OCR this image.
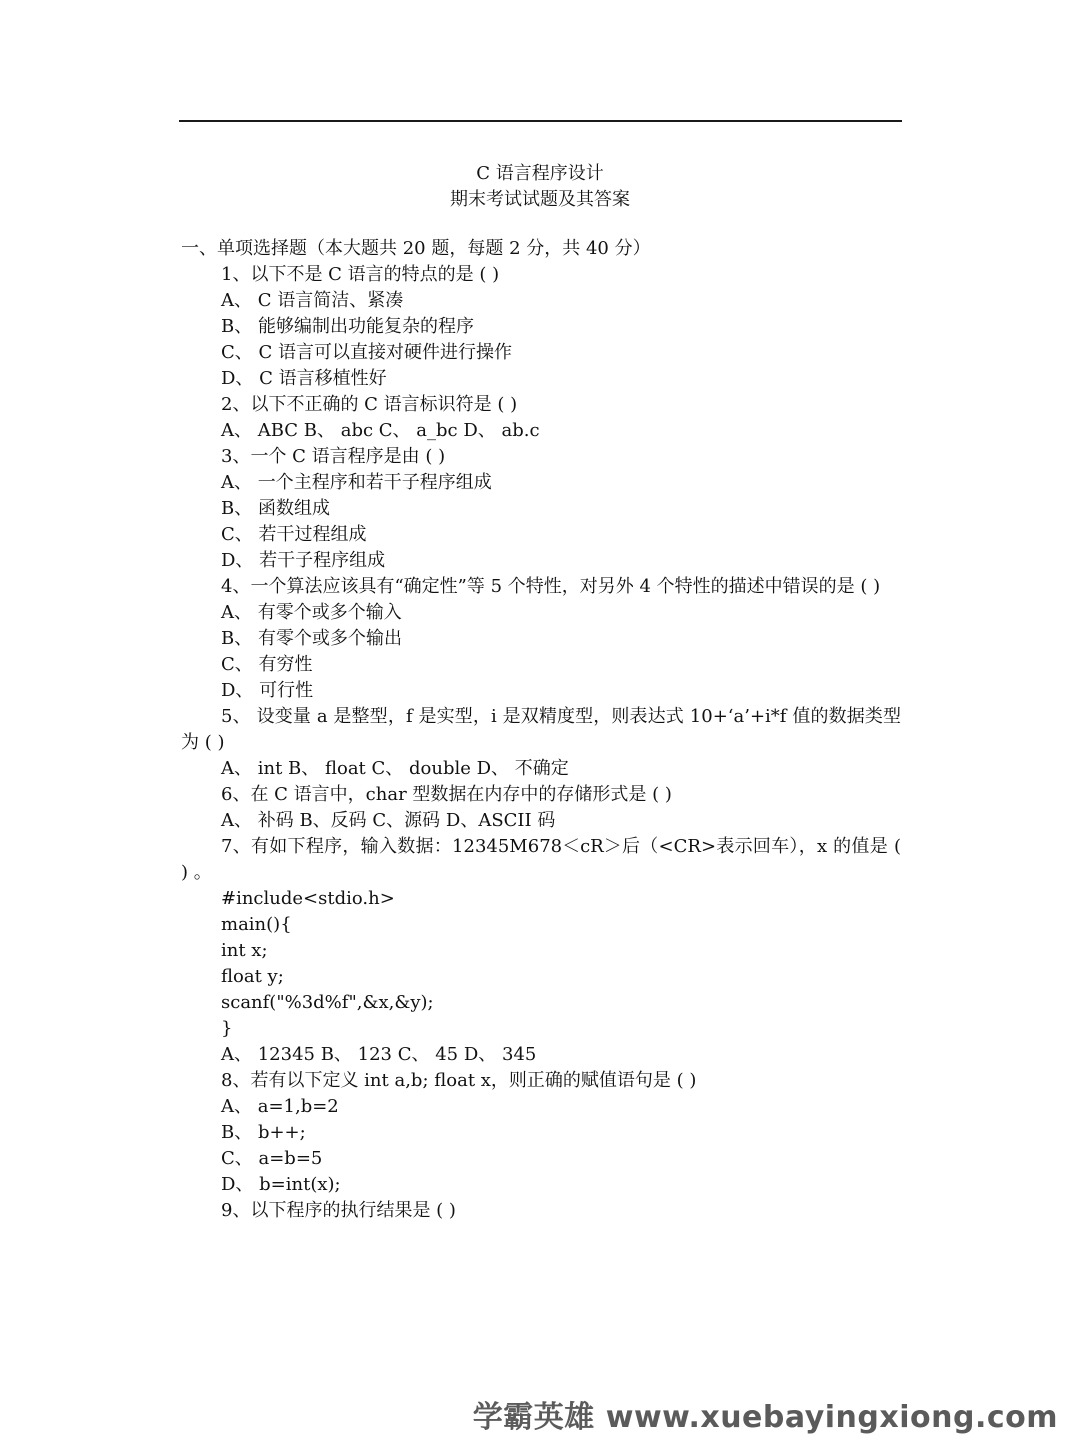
C 语言程序设计
期末考试试题及其答案
一、单项选择题（本大题共 20 题，每题 2 分，共 40 分）
1、以下不是 C 语言的特点的是 ( )
A、 C 语言简洁、紧凑
B、 能够编制出功能复杂的程序
C、 C 语言可以直接对硬件进行操作
D、 C 语言移植性好
2、以下不正确的 C 语言标识符是 ( )
A、 ABC B、 abc C、 a_bc D、 ab.c
3、一个 C 语言程序是由 ( )
A、 一个主程序和若干子程序组成
B、 函数组成
C、 若干过程组成
D、 若干子程序组成
4、一个算法应该具有“确定性”等 5 个特性，对另外 4 个特性的描述中错误的是 ( )
A、 有零个或多个输入
B、 有零个或多个输出
C、 有穷性
D、 可行性
5、 设变量 a 是整型，f 是实型，i 是双精度型，则表达式 10+‘a’+i*f 值的数据类型为 ( )
A、 int B、 float C、 double D、 不确定
6、在 C 语言中，char 型数据在内存中的存储形式是 ( )
A、 补码 B、反码 C、源码 D、ASCII 码
7、有如下程序，输入数据：12345M678＜cR＞后（<CR>表示回车），x 的值是 ( ) 。
#include<stdio.h>
main(){
int x;
float y;
scanf("%3d%f",&x,&y);
}
A、 12345 B、 123 C、 45 D、 345
8、若有以下定义 int a,b; float x，则正确的赋值语句是 ( )
A、 a=1,b=2
B、 b++;
C、 a=b=5
D、 b=int(x);
9、以下程序的执行结果是 ( )
学霸英雄 www.xuebayingxiong.com
